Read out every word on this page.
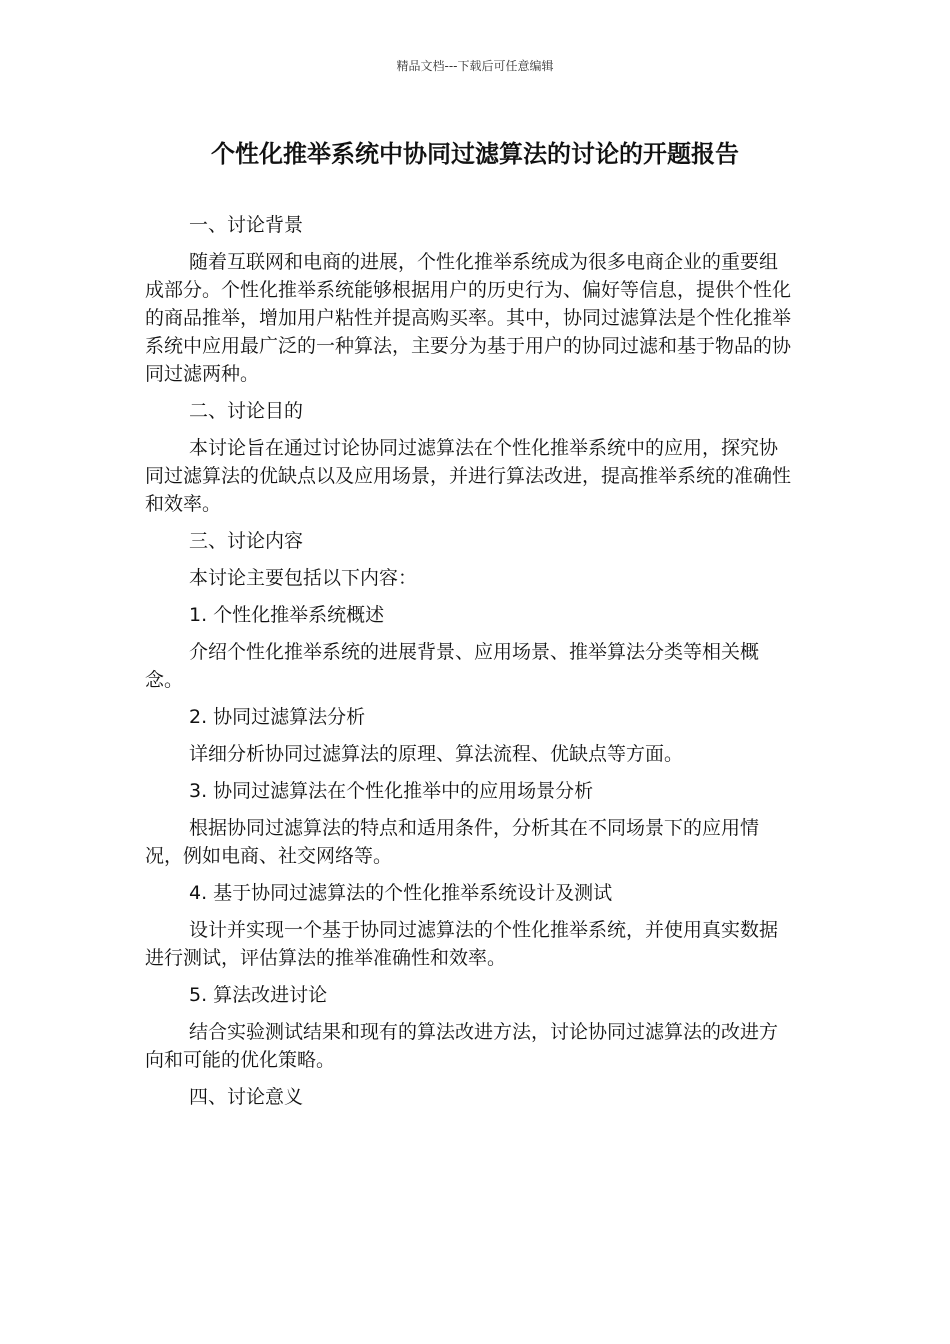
精品文档---下载后可任意编辑
个性化推举系统中协同过滤算法的讨论的开题报告

一、讨论背景

随着互联网和电商的进展，个性化推举系统成为很多电商企业的重要组成部分。个性化推举系统能够根据用户的历史行为、偏好等信息，提供个性化的商品推举，增加用户粘性并提高购买率。其中，协同过滤算法是个性化推举系统中应用最广泛的一种算法，主要分为基于用户的协同过滤和基于物品的协同过滤两种。

二、讨论目的

本讨论旨在通过讨论协同过滤算法在个性化推举系统中的应用，探究协同过滤算法的优缺点以及应用场景，并进行算法改进，提高推举系统的准确性和效率。

三、讨论内容

本讨论主要包括以下内容：

1. 个性化推举系统概述

介绍个性化推举系统的进展背景、应用场景、推举算法分类等相关概念。

2. 协同过滤算法分析

详细分析协同过滤算法的原理、算法流程、优缺点等方面。

3. 协同过滤算法在个性化推举中的应用场景分析

根据协同过滤算法的特点和适用条件，分析其在不同场景下的应用情况，例如电商、社交网络等。

4. 基于协同过滤算法的个性化推举系统设计及测试

设计并实现一个基于协同过滤算法的个性化推举系统，并使用真实数据进行测试，评估算法的推举准确性和效率。

5. 算法改进讨论

结合实验测试结果和现有的算法改进方法，讨论协同过滤算法的改进方向和可能的优化策略。

四、讨论意义
